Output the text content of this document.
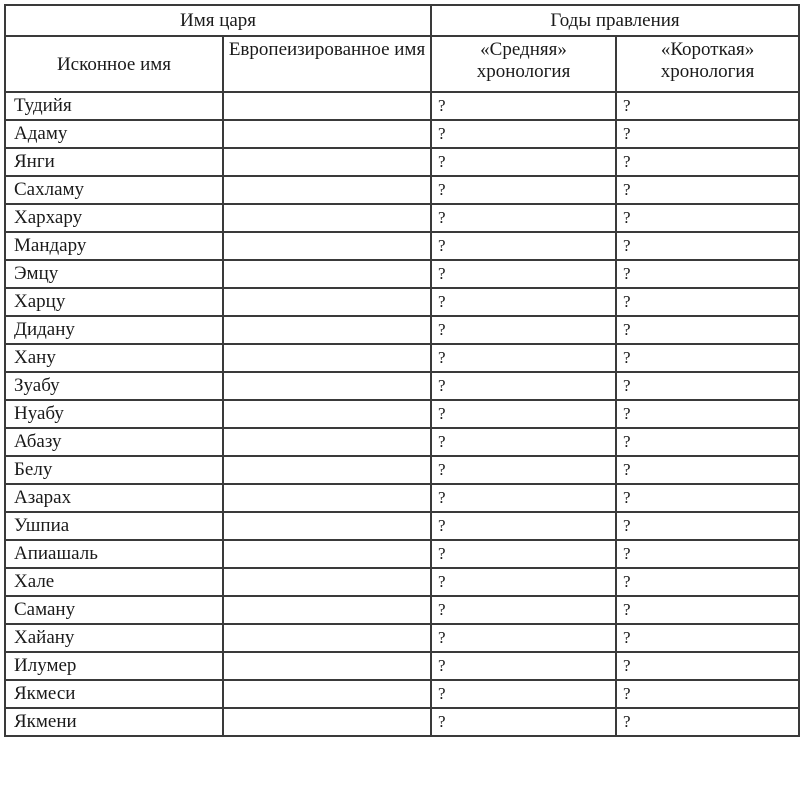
Имя царя		Годы правления	
Исконное имя	Европеизированное имя	«Средняя» хронология	«Короткая» хронология
Тудийя		?	?
Адаму		?	?
Янги		?	?
Сахламу		?	?
Хархару		?	?
Мандару		?	?
Эмцу		?	?
Харцу		?	?
Дидану		?	?
Хану		?	?
Зуабу		?	?
Нуабу		?	?
Абазу		?	?
Белу		?	?
Азарах		?	?
Ушпиа		?	?
Апиашаль		?	?
Хале		?	?
Саману		?	?
Хайану		?	?
Илумер		?	?
Якмеси		?	?
Якмени		?	?
